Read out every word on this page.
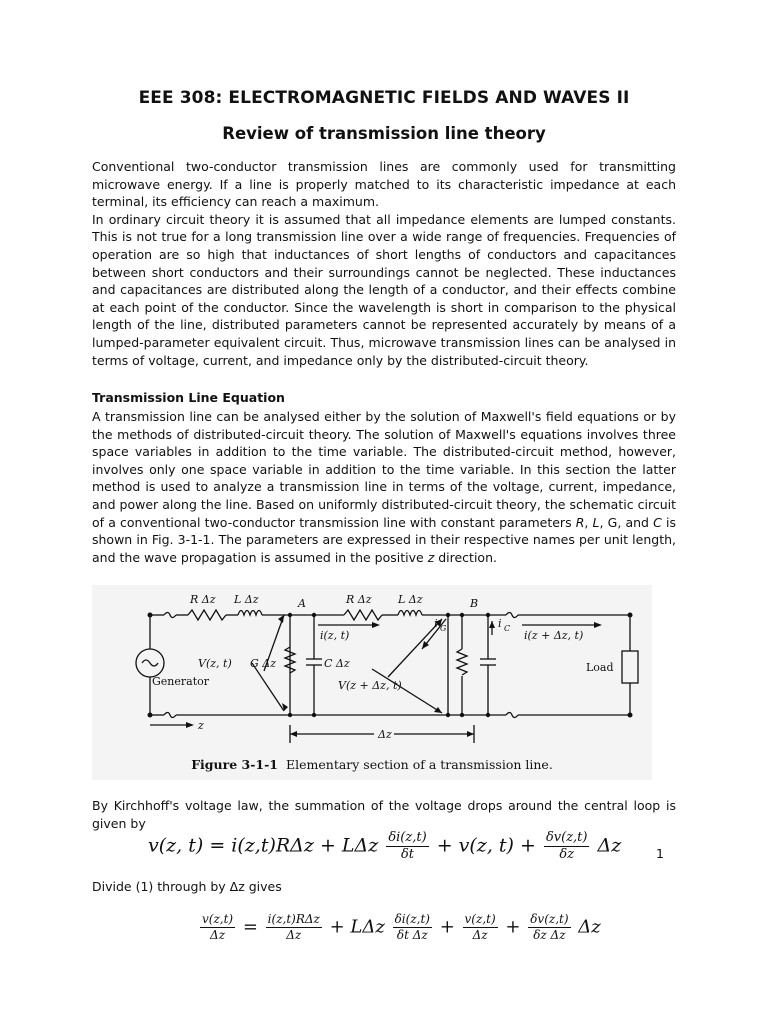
EEE 308: ELECTROMAGNETIC FIELDS AND WAVES II
Review of transmission line theory

Conventional two-conductor transmission lines are commonly used for transmitting microwave energy. If a line is properly matched to its characteristic impedance at each terminal, its efficiency can reach a maximum.

In ordinary circuit theory it is assumed that all impedance elements are lumped constants. This is not true for a long transmission line over a wide range of frequencies. Frequencies of operation are so high that inductances of short lengths of conductors and capacitances between short conductors and their surroundings cannot be neglected. These inductances and capacitances are distributed along the length of a conductor, and their effects combine at each point of the conductor. Since the wavelength is short in comparison to the physical length of the line, distributed parameters cannot be represented accurately by means of a lumped-parameter equivalent circuit. Thus, microwave transmission lines can be analysed in terms of voltage, current, and impedance only by the distributed-circuit theory.

Transmission Line Equation
A transmission line can be analysed either by the solution of Maxwell's field equations or by the methods of distributed-circuit theory. The solution of Maxwell's equations involves three space variables in addition to the time variable. The distributed-circuit method, however, involves only one space variable in addition to the time variable. In this section the latter method is used to analyze a transmission line in terms of the voltage, current, impedance, and power along the line. Based on uniformly distributed-circuit theory, the schematic circuit of a conventional two-conductor transmission line with constant parameters R, L, G, and C is shown in Fig. 3-1-1. The parameters are expressed in their respective names per unit length, and the wave propagation is assumed in the positive z direction.
R Δz L Δz	R Δz L Δz
A	B
i(z, t)	i(z + Δz, t)
i G	i C
V(z, t) G Δz	C Δz
V(z + Δz, t)
Generator
Load
z
Δz
Figure 3-1-1 Elementary section of a transmission line.
By Kirchhoff's voltage law, the summation of the voltage drops around the central loop is given by
v(z, t) = i(z,t)RΔz + LΔz $\frac{\delta i(z,t)}{\delta t} + v(z$, $t) + \frac{\delta v(z,t)}{\delta z}$ Δz	1
Divide (1) through by Δz gives
$\frac{v(z,t)}{\Delta z} = \frac{\text{i(z,t)RΔz}}{\Delta z} + L\Delta z \frac{\delta i(z,t)}{\text{δt Δz}} + \frac{v(z,t)}{\Delta z} + \frac{\delta v(z,t)}{\text{δz Δz}}$ Δz
